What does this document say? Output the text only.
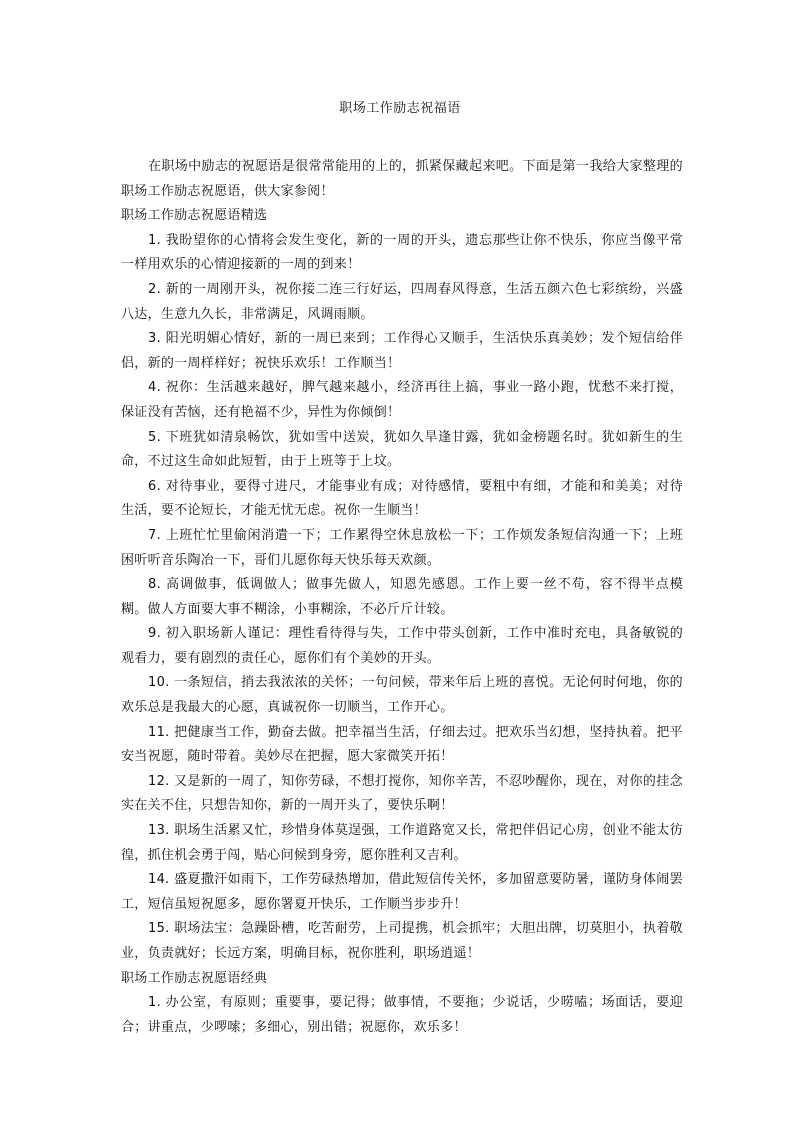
职场工作励志祝福语

在职场中励志的祝愿语是很常常能用的上的，抓紧保藏起来吧。下面是第一我给大家整理的职场工作励志祝愿语，供大家参阅！

职场工作励志祝愿语精选

1. 我盼望你的心情将会发生变化，新的一周的开头，遗忘那些让你不快乐，你应当像平常一样用欢乐的心情迎接新的一周的到来！

2. 新的一周刚开头，祝你接二连三行好运，四周春风得意，生活五颜六色七彩缤纷，兴盛八达，生意九久长，非常满足，风调雨顺。

3. 阳光明媚心情好，新的一周已来到；工作得心又顺手，生活快乐真美妙；发个短信给伴侣，新的一周样样好；祝快乐欢乐！工作顺当！

4. 祝你：生活越来越好，脾气越来越小，经济再往上搞，事业一路小跑，忧愁不来打搅，保证没有苦恼，还有艳福不少，异性为你倾倒！

5. 下班犹如清泉畅饮，犹如雪中送炭，犹如久旱逢甘露，犹如金榜题名时。犹如新生的生命，不过这生命如此短暂，由于上班等于上坟。

6. 对待事业，要得寸进尺，才能事业有成；对待感情，要粗中有细，才能和和美美；对待生活，要不论短长，才能无忧无虑。祝你一生顺当！

7. 上班忙忙里偷闲消遣一下；工作累得空休息放松一下；工作烦发条短信沟通一下；上班困听听音乐陶冶一下，哥们儿愿你每天快乐每天欢颜。

8. 高调做事，低调做人；做事先做人，知恩先感恩。工作上要一丝不苟，容不得半点模糊。做人方面要大事不糊涂，小事糊涂，不必斤斤计较。

9. 初入职场新人谨记：理性看待得与失，工作中带头创新，工作中准时充电，具备敏锐的观看力，要有剧烈的责任心，愿你们有个美妙的开头。

10. 一条短信，捎去我浓浓的关怀；一句问候，带来年后上班的喜悦。无论何时何地，你的欢乐总是我最大的心愿，真诚祝你一切顺当，工作开心。

11. 把健康当工作，勤奋去做。把幸福当生活，仔细去过。把欢乐当幻想，坚持执着。把平安当祝愿，随时带着。美妙尽在把握，愿大家微笑开拓！

12. 又是新的一周了，知你劳碌，不想打搅你，知你辛苦，不忍吵醒你，现在，对你的挂念实在关不住，只想告知你，新的一周开头了，要快乐啊！

13. 职场生活累又忙，珍惜身体莫逞强，工作道路宽又长，常把伴侣记心房，创业不能太彷徨，抓住机会勇于闯，贴心问候到身旁，愿你胜利又吉利。

14. 盛夏撒汗如雨下，工作劳碌热增加，借此短信传关怀，多加留意要防暑，谨防身体闹罢工，短信虽短祝愿多，愿你署夏开快乐，工作顺当步步升！

15. 职场法宝：急躁卧槽，吃苦耐劳，上司提携，机会抓牢；大胆出牌，切莫胆小，执着敬业，负责就好；长远方案，明确目标，祝你胜利，职场逍遥！

职场工作励志祝愿语经典

1. 办公室，有原则；重要事，要记得；做事情，不要拖；少说话，少唠嗑；场面话，要迎合；讲重点，少啰嗦；多细心，别出错；祝愿你，欢乐多！
